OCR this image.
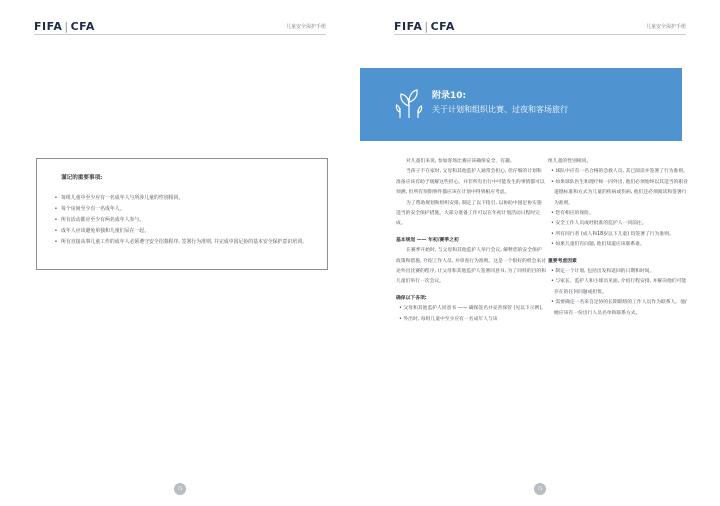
FIFA | CFA	儿童安全保护手册
谨记的重要事项:
• 每组儿童中至少应有一名成年人与所涉儿童的性别相同。
• 每个房间至少有一名成年人。
• 所有活动都应至少有两名成年人参与。
• 成年人应该避免单独和儿童们呆在一起。
• 所有直接从事儿童工作的成年人必须遵守安全招募程序, 签署行为准则, 并完成中国足协的基本安全保护意识培训。
73
FIFA | CFA	儿童安全保护手册
附录10:
关于计划和组织比赛、过夜和客场旅行

对儿童们来说, 参加客场比赛应该确保安全、有趣。

当孩子不在家时, 父母和其他监护人通常会担心, 但仔细的计划和准备应该有助于缓解这些担心。并非所有出行中可能发生的事情都可以预测, 但所有预期事件都应该在计划中得到相应考虑。

为了帮助规划和组织安排, 制定了以下指引, 以协助中国足协实施适当的安全保护措施。大部分准备工作可以在年初计划活动日程时完成。

基本规划 —— 年初/赛季之初

在赛季开始时, 与父母和其他监护人举行会议, 解释您的安全保护政策和措施, 介绍工作人员, 并审查行为准则。这是一个很好的机会来讨论外出比赛的程序, 让父母和其他监护人签署同意书, 为了同样的目的和儿童们举行一次会议。

确保以下各项:

• 父母和其他监护人同意书 —— 确保签名并妥善保管 (见以下示例)。

• 外出时, 每组儿童中至少应有一名成年人与该

组儿童的性别相同。

• 球队中应有一名合格的急救人员, 其已阅读并签署了行为准则。

• 如果球队医生和理疗师一同外出, 他们必须始终以其适当的职业道德标准和方式为儿童的疾病或伤病, 他们还必须阅读和签署行为准则。

• 您有相应的保险。

• 安全工作人员或经批准的监护人一同前往。

• 所有同行者 (成人和18岁以下儿童) 均签署了行为准则。

• 如果儿童们有问题, 他们知道应该联系谁。

重要考虑因素

• 制定一个计划, 包括出发和返回的日期和时间。

• 与家长、监护人和小球员见面, 介绍行程安排, 并解决他们可能存在的任何问题或担忧。

• 需要确定一名来自足协的长期联络的工作人员作为联系人。他/她应该有一份出行人员名单和联系方式。

73
